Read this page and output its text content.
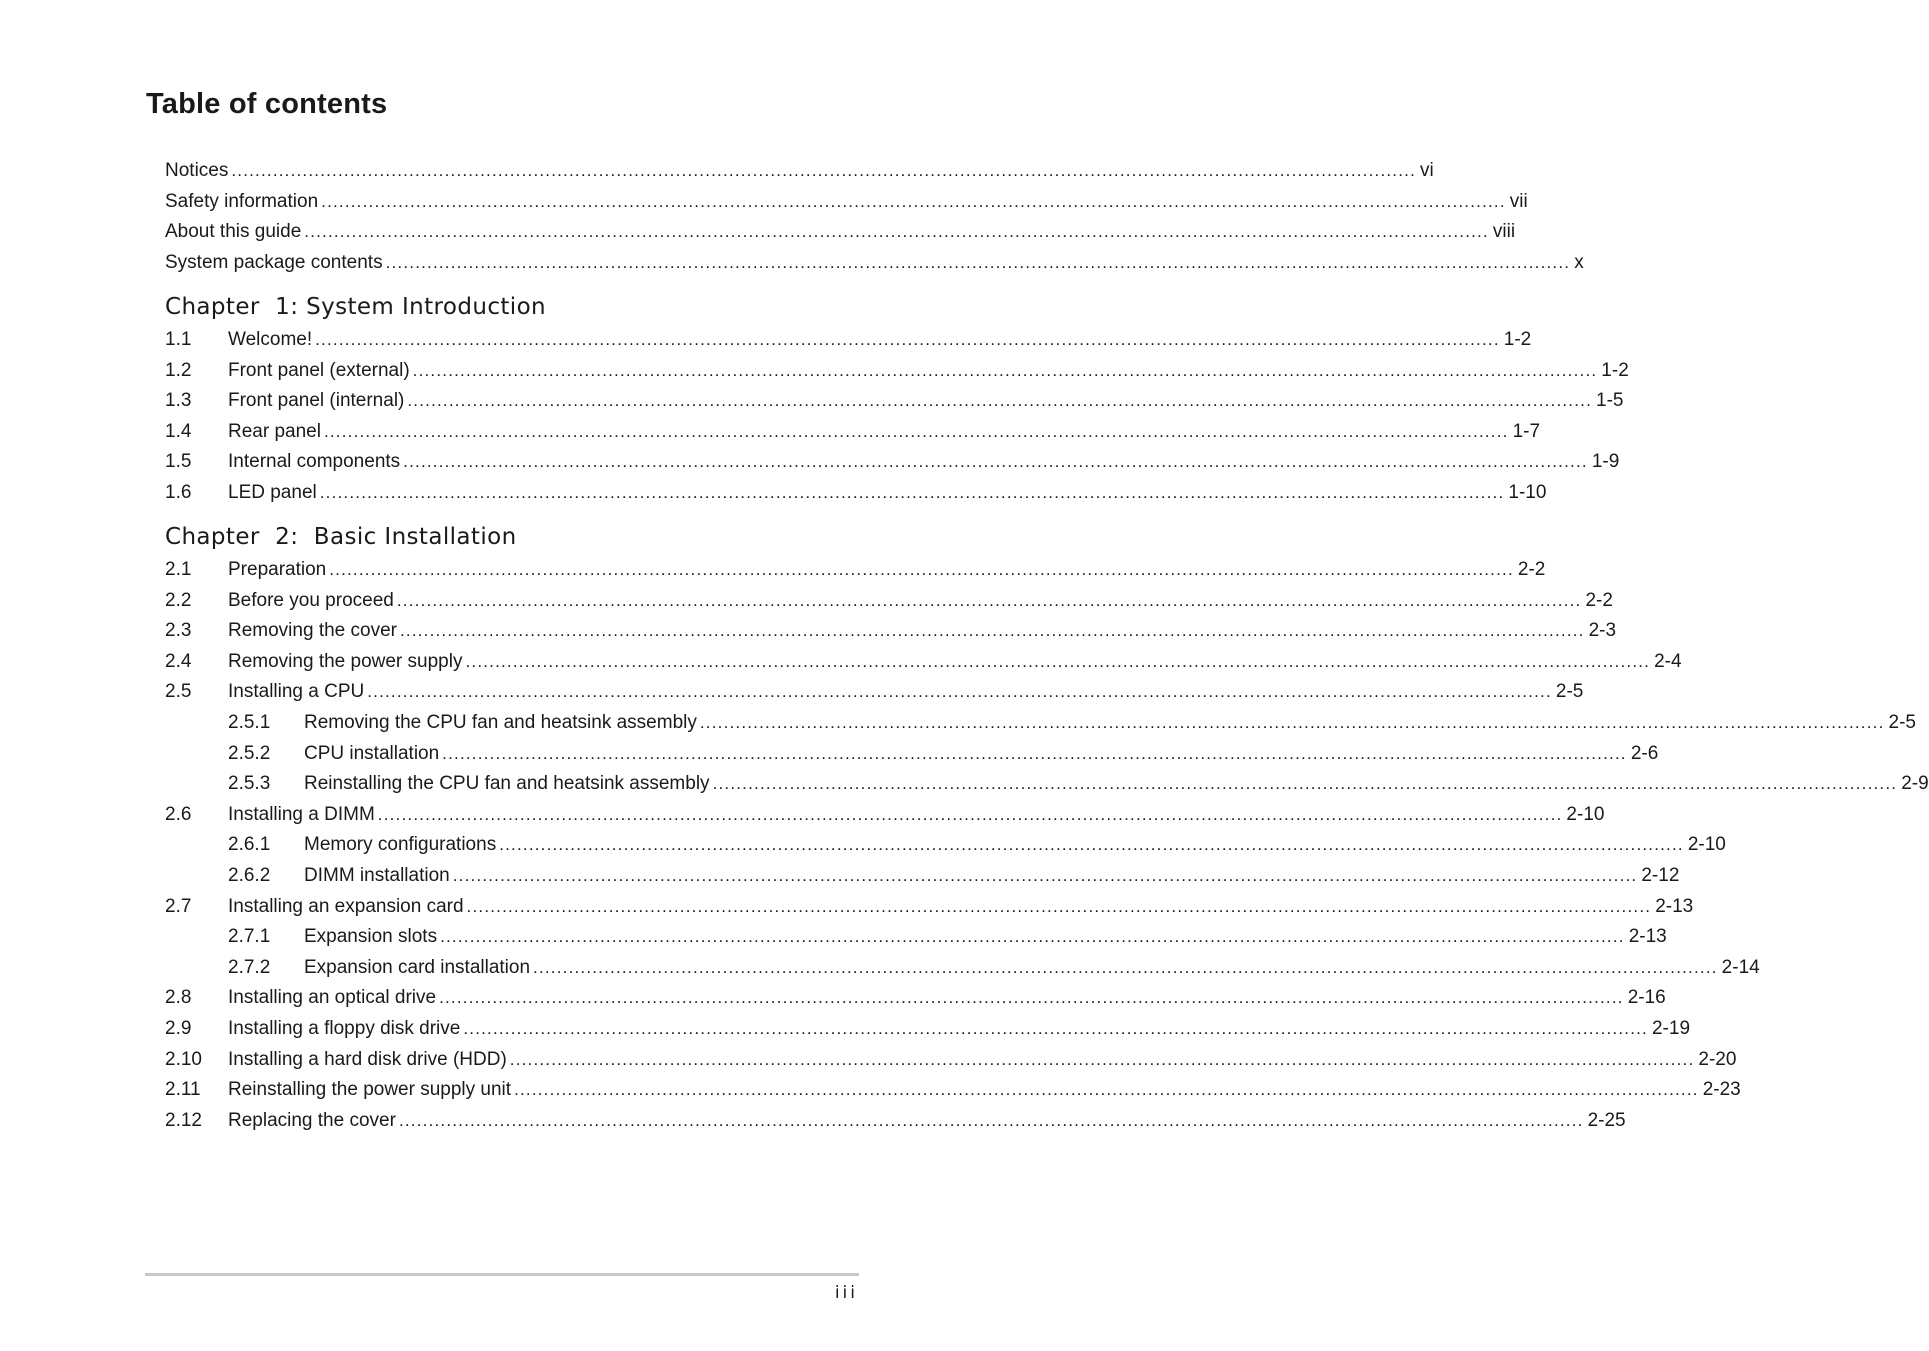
Table of contents
Notices ........................................................................................................................................................................................................ vi
Safety information ........................................................................................................................................................................................................ vii
About this guide ........................................................................................................................................................................................................ viii
System package contents ........................................................................................................................................................................................................ x
Chapter  1: System Introduction
1.1 Welcome! ........................................................................................................................................................................................................ 1-2
1.2 Front panel (external) ........................................................................................................................................................................................................ 1-2
1.3 Front panel (internal) ........................................................................................................................................................................................................ 1-5
1.4 Rear panel ........................................................................................................................................................................................................ 1-7
1.5 Internal components ........................................................................................................................................................................................................ 1-9
1.6 LED panel ........................................................................................................................................................................................................ 1-10
Chapter  2:  Basic Installation
2.1 Preparation ........................................................................................................................................................................................................ 2-2
2.2 Before you proceed ........................................................................................................................................................................................................ 2-2
2.3 Removing the cover ........................................................................................................................................................................................................ 2-3
2.4 Removing the power supply ........................................................................................................................................................................................................ 2-4
2.5 Installing a CPU ........................................................................................................................................................................................................ 2-5
2.5.1 Removing the CPU fan and heatsink assembly ........................................................................................................................................................................................................ 2-5
2.5.2 CPU installation ........................................................................................................................................................................................................ 2-6
2.5.3 Reinstalling the CPU fan and heatsink assembly ........................................................................................................................................................................................................ 2-9
2.6 Installing a DIMM ........................................................................................................................................................................................................ 2-10
2.6.1 Memory configurations ........................................................................................................................................................................................................ 2-10
2.6.2 DIMM installation ........................................................................................................................................................................................................ 2-12
2.7 Installing an expansion card ........................................................................................................................................................................................................ 2-13
2.7.1 Expansion slots ........................................................................................................................................................................................................ 2-13
2.7.2 Expansion card installation ........................................................................................................................................................................................................ 2-14
2.8 Installing an optical drive ........................................................................................................................................................................................................ 2-16
2.9 Installing a floppy disk drive ........................................................................................................................................................................................................ 2-19
2.10 Installing a hard disk drive (HDD) ........................................................................................................................................................................................................ 2-20
2.11 Reinstalling the power supply unit ........................................................................................................................................................................................................ 2-23
2.12 Replacing the cover ........................................................................................................................................................................................................ 2-25
iii
